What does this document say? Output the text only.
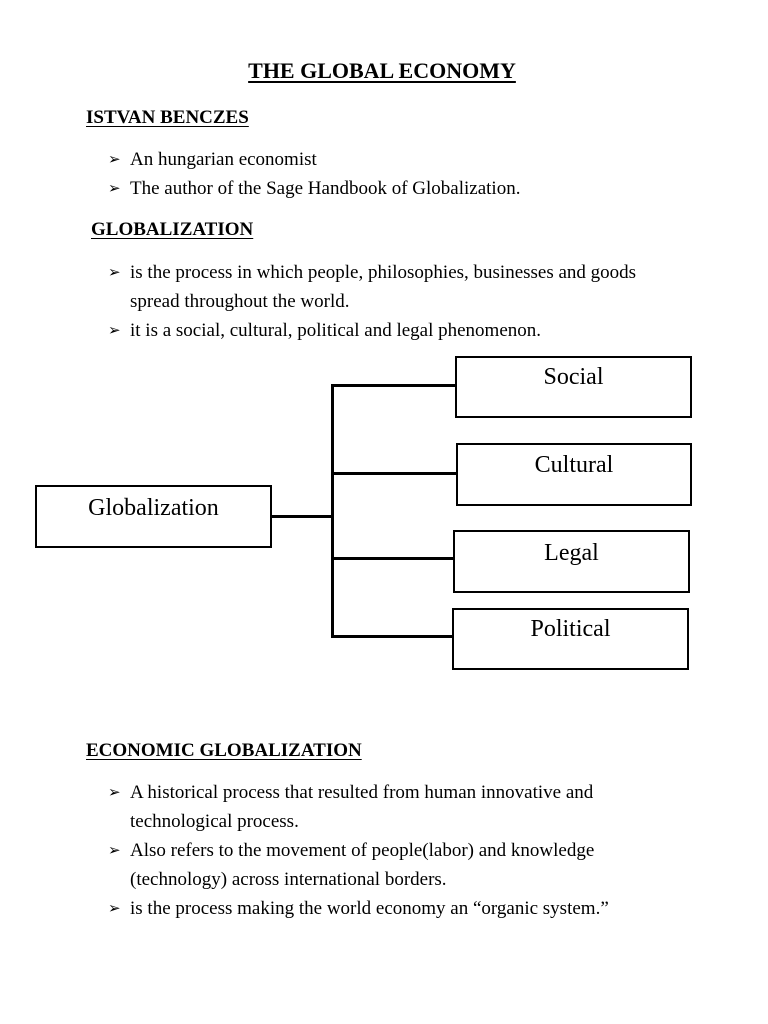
THE GLOBAL ECONOMY
ISTVAN BENCZES
➢ An hungarian economist
➢ The author of the Sage Handbook of Globalization.
GLOBALIZATION
➢ is the process in which people, philosophies, businesses and goods spread throughout the world.
➢ it is a social, cultural, political and legal phenomenon.
Globalization
Social
Cultural
Legal
Political
ECONOMIC GLOBALIZATION
➢ A historical process that resulted from human innovative and technological process.
➢ Also refers to the movement of people(labor) and knowledge (technology) across international borders.
➢ is the process making the world economy an “organic system.”
